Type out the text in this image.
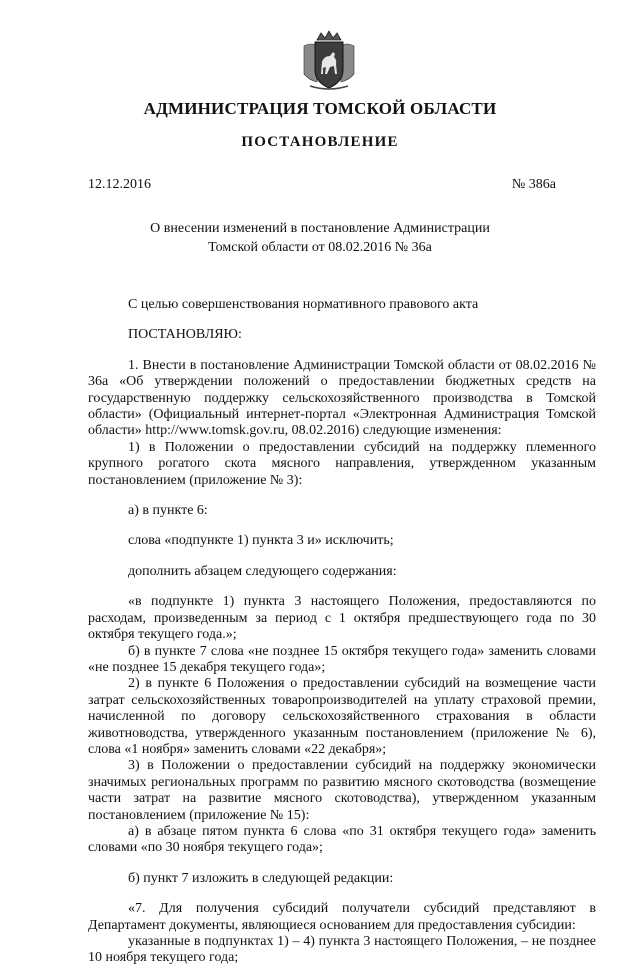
АДМИНИСТРАЦИЯ ТОМСКОЙ ОБЛАСТИ
ПОСТАНОВЛЕНИЕ
12.12.2016	№ 386а
О внесении изменений в постановление Администрации
Томской области от 08.02.2016 № 36а

С целью совершенствования нормативного правового акта

ПОСТАНОВЛЯЮ:

1. Внести в постановление Администрации Томской области от 08.02.2016 № 36а «Об утверждении положений о предоставлении бюджетных средств на государственную поддержку сельскохозяйственного производства в Томской области» (Официальный интернет-портал «Электронная Администрация Томской области» http://www.tomsk.gov.ru, 08.02.2016) следующие изменения:

1) в Положении о предоставлении субсидий на поддержку племенного крупного рогатого скота мясного направления, утвержденном указанным постановлением (приложение № 3):

а) в пункте 6:

слова «подпункте 1) пункта 3 и» исключить;

дополнить абзацем следующего содержания:

«в подпункте 1) пункта 3 настоящего Положения, предоставляются по расходам, произведенным за период с 1 октября предшествующего года по 30 октября текущего года.»;

б) в пункте 7 слова «не позднее 15 октября текущего года» заменить словами «не позднее 15 декабря текущего года»;

2) в пункте 6 Положения о предоставлении субсидий на возмещение части затрат сельскохозяйственных товаропроизводителей на уплату страховой премии, начисленной по договору сельскохозяйственного страхования в области животноводства, утвержденного указанным постановлением (приложение № 6), слова «1 ноября» заменить словами «22 декабря»;

3) в Положении о предоставлении субсидий на поддержку экономически значимых региональных программ по развитию мясного скотоводства (возмещение части затрат на развитие мясного скотоводства), утвержденном указанным постановлением (приложение № 15):

а) в абзаце пятом пункта 6 слова «по 31 октября текущего года» заменить словами «по 30 ноября текущего года»;

б) пункт 7 изложить в следующей редакции:

«7. Для получения субсидий получатели субсидий представляют в Департамент документы, являющиеся основанием для предоставления субсидии:

указанные в подпунктах 1) – 4) пункта 3 настоящего Положения, – не позднее 10 ноября текущего года;
